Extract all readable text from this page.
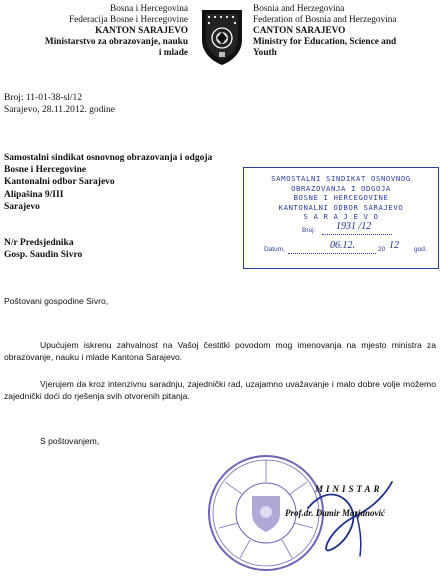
Bosna i Hercegovina
Federacija Bosne i Hercegovine
KANTON SARAJEVO
Ministarstvo za obrazovanje, nauku
i mlade
Bosnia and Herzegovina
Federation of Bosnia and Herzegovina
CANTON SARAJEVO
Ministry for Education, Science and
Youth
Broj: 11-01-38-sl/12
Sarajevo, 28.11.2012. godine
Samostalni sindikat osnovnog obrazovanja i odgoja
Bosne i Hercegovine
Kantonalni odbor Sarajevo
Alipašina 9/III
Sarajevo
SAMOSTALNI SINDIKAT OSNOVNOG
OBRAZOVANJA I ODGOJA
BOSNE I HERCEGOVINE
KANTONALNI ODBOR SARAJEVO
S A R A J E V O
Broj: 1931 /12
Datum,	06.12.	20 12 god.
N/r Predsjednika
Gosp. Saudin Sivro
Poštovani gospodine Sivro,
Upućujem iskrenu zahvalnost na Vašoj čestitki povodom mog imenovanja na mjesto ministra za obrazovanje, nauku i mlade Kantona Sarajevo.
Vjerujem da kroz intenzivnu saradnju, zajednički rad, uzajamno uvažavanje i malo dobre volje možemo zajednički doći do rješenja svih otvorenih pitanja.
S poštovanjem,
MINISTAR
Prof.dr. Damir Marjanović
